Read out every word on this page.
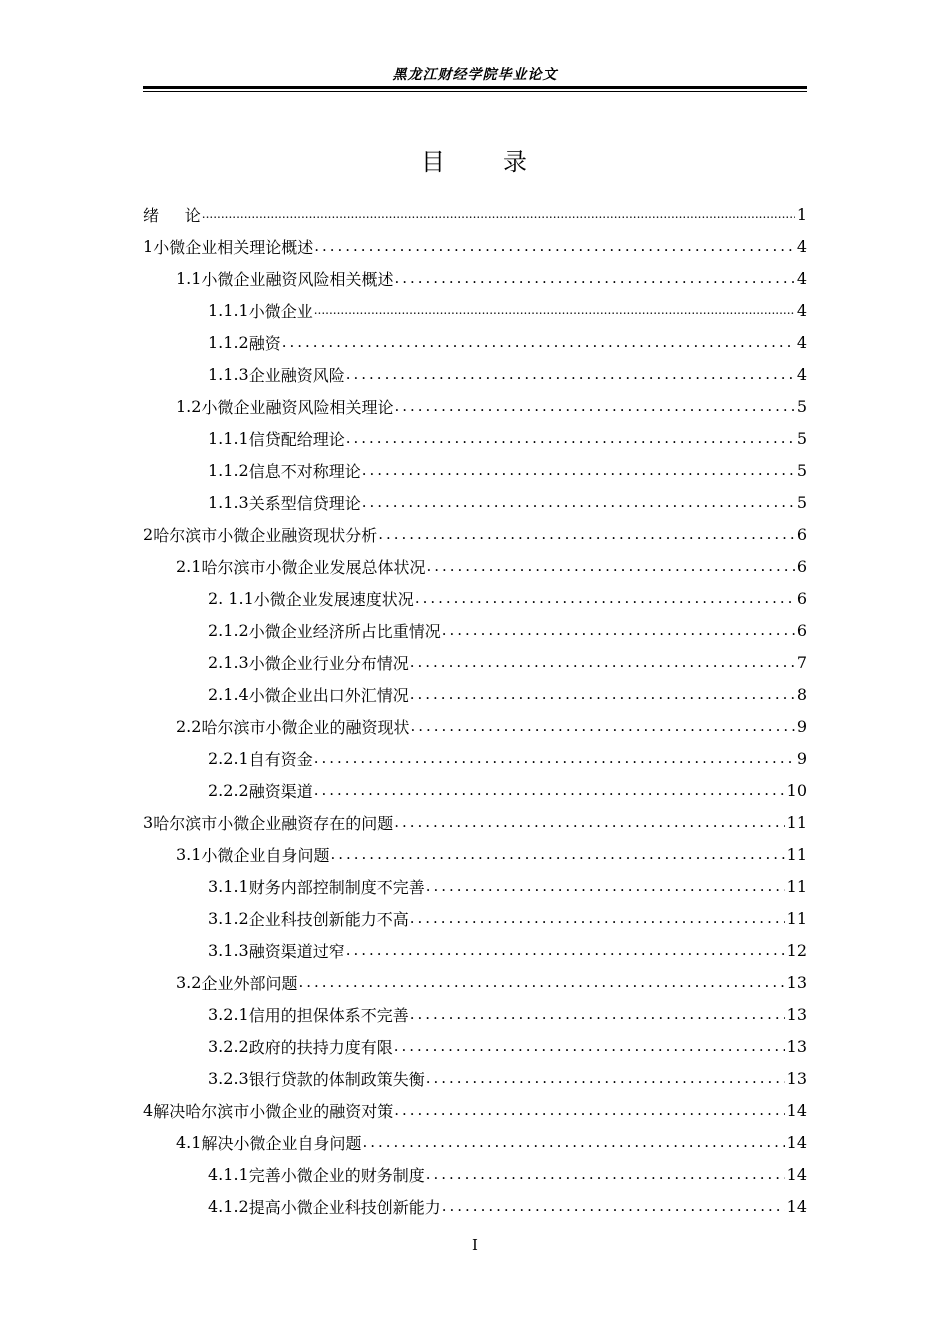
黑龙江财经学院毕业论文
目 录
绪	论 .....	1
1 小微企业相关理论概述 .....	4
1.1 小微企业融资风险相关概述 .....	4
1.1.1 小微企业 .....	4
1.1.2 融资 .....	4
1.1.3 企业融资风险 .....	4
1.2 小微企业融资风险相关理论 .....	5
1.1.1 信贷配给理论 .....	5
1.1.2 信息不对称理论 .....	5
1.1.3 关系型信贷理论 .....	5
2 哈尔滨市小微企业融资现状分析 .....	6
2.1 哈尔滨市小微企业发展总体状况 .....	6
2. 1.1 小微企业发展速度状况 .....	6
2.1.2 小微企业经济所占比重情况 .....	6
2.1.3 小微企业行业分布情况 .....	7
2.1.4 小微企业出口外汇情况 .....	8
2.2 哈尔滨市小微企业的融资现状 .....	9
2.2.1 自有资金 .....	9
2.2.2 融资渠道 .....	10
3 哈尔滨市小微企业融资存在的问题 .....	11
3.1 小微企业自身问题 .....	11
3.1.1 财务内部控制制度不完善 .....	11
3.1.2 企业科技创新能力不高 .....	11
3.1.3 融资渠道过窄 .....	12
3.2 企业外部问题 .....	13
3.2.1 信用的担保体系不完善 .....	13
3.2.2 政府的扶持力度有限 .....	13
3.2.3 银行贷款的体制政策失衡 .....	13
4 解决哈尔滨市小微企业的融资对策 .....	14
4.1 解决小微企业自身问题 .....	14
4.1.1 完善小微企业的财务制度 .....	14
4.1.2 提高小微企业科技创新能力 .....	14
I
